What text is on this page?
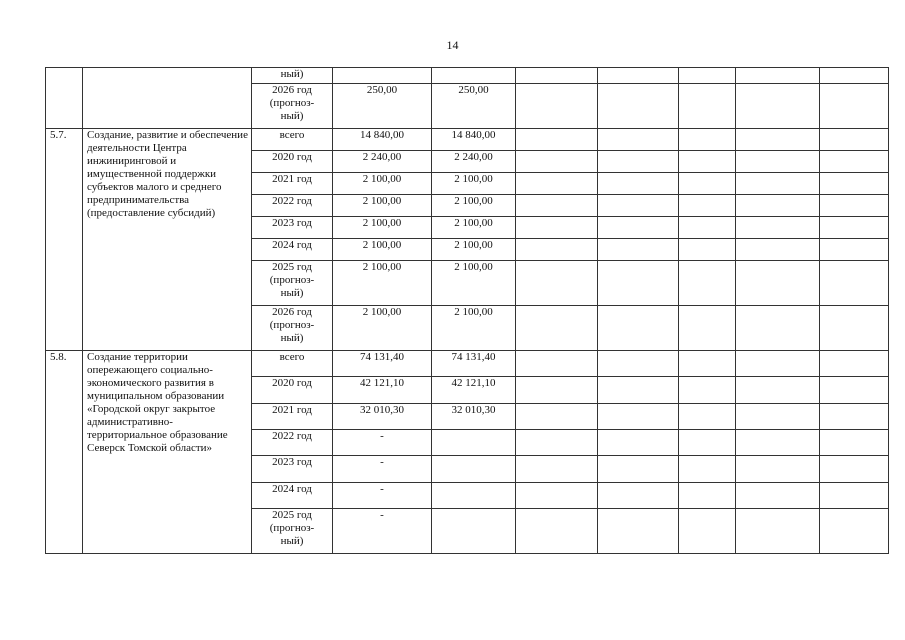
14

		ный)							

		2026 год
(прогноз-
ный)	250,00	250,00					
5.7.	Создание, развитие и обеспечение деятельности Центра инжиниринговой и имущественной поддержки субъектов малого и среднего предпринимательства (предоставление субсидий)	всего	14 840,00	14 840,00					

		2020 год	2 240,00	2 240,00					

		2021 год	2 100,00	2 100,00					

		2022 год	2 100,00	2 100,00					

		2023 год	2 100,00	2 100,00					

		2024 год	2 100,00	2 100,00					

		2025 год
(прогноз-
ный)	2 100,00	2 100,00					

		2026 год
(прогноз-
ный)	2 100,00	2 100,00					
5.8.	Создание территории опережающего социально-экономического развития в муниципальном образовании «Городской округ закрытое административно-территориальное образование Северск Томской области»	всего	74 131,40	74 131,40					

		2020 год	42 121,10	42 121,10					

		2021 год	32 010,30	32 010,30					

		2022 год	-						

		2023 год	-						

		2024 год	-						

		2025 год
(прогноз-
ный)	-						
